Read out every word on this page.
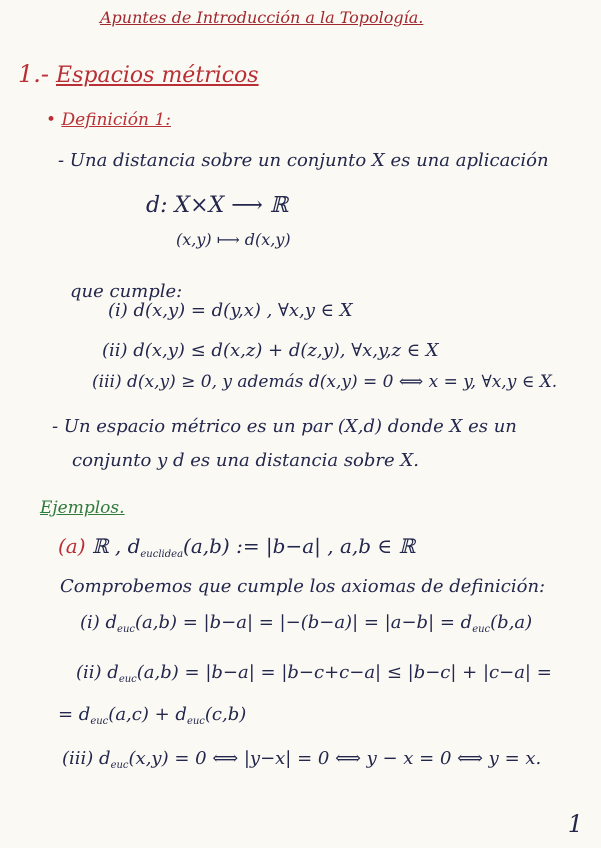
Apuntes de Introducción a la Topología.
1.- Espacios métricos
• Definición 1:
- Una distancia sobre un conjunto X es una aplicación
d: X×X ⟶ ℝ
(x,y) ⟼ d(x,y)
que cumple:
(i) d(x,y) = d(y,x) , ∀x,y ∈ X
(ii) d(x,y) ≤ d(x,z) + d(z,y), ∀x,y,z ∈ X
(iii) d(x,y) ≥ 0, y además d(x,y) = 0 ⟺ x = y, ∀x,y ∈ X.
- Un espacio métrico es un par (X,d) donde X es un
conjunto y d es una distancia sobre X.
Ejemplos.
(a) ℝ , $d_{euclidea}(a,b)$ := |b−a| , a,b ∈ ℝ
Comprobemos que cumple los axiomas de definición:
(i) $d_{euc}(a,b) = |b-a| = |-(b-a)| = |a-b| = d_{euc}(b,a)$
(ii) $d_{euc}(a,b) = |b-a| = |b-c+c-a| \le |b-c| + |c-a|$ =
= $d_{euc}(a,c) + d_{euc}(c,b)$
(iii) $d_{euc}(x,y) = 0$ ⟺ |y−x| = 0 ⟺ y − x = 0 ⟺ y = x.
1
